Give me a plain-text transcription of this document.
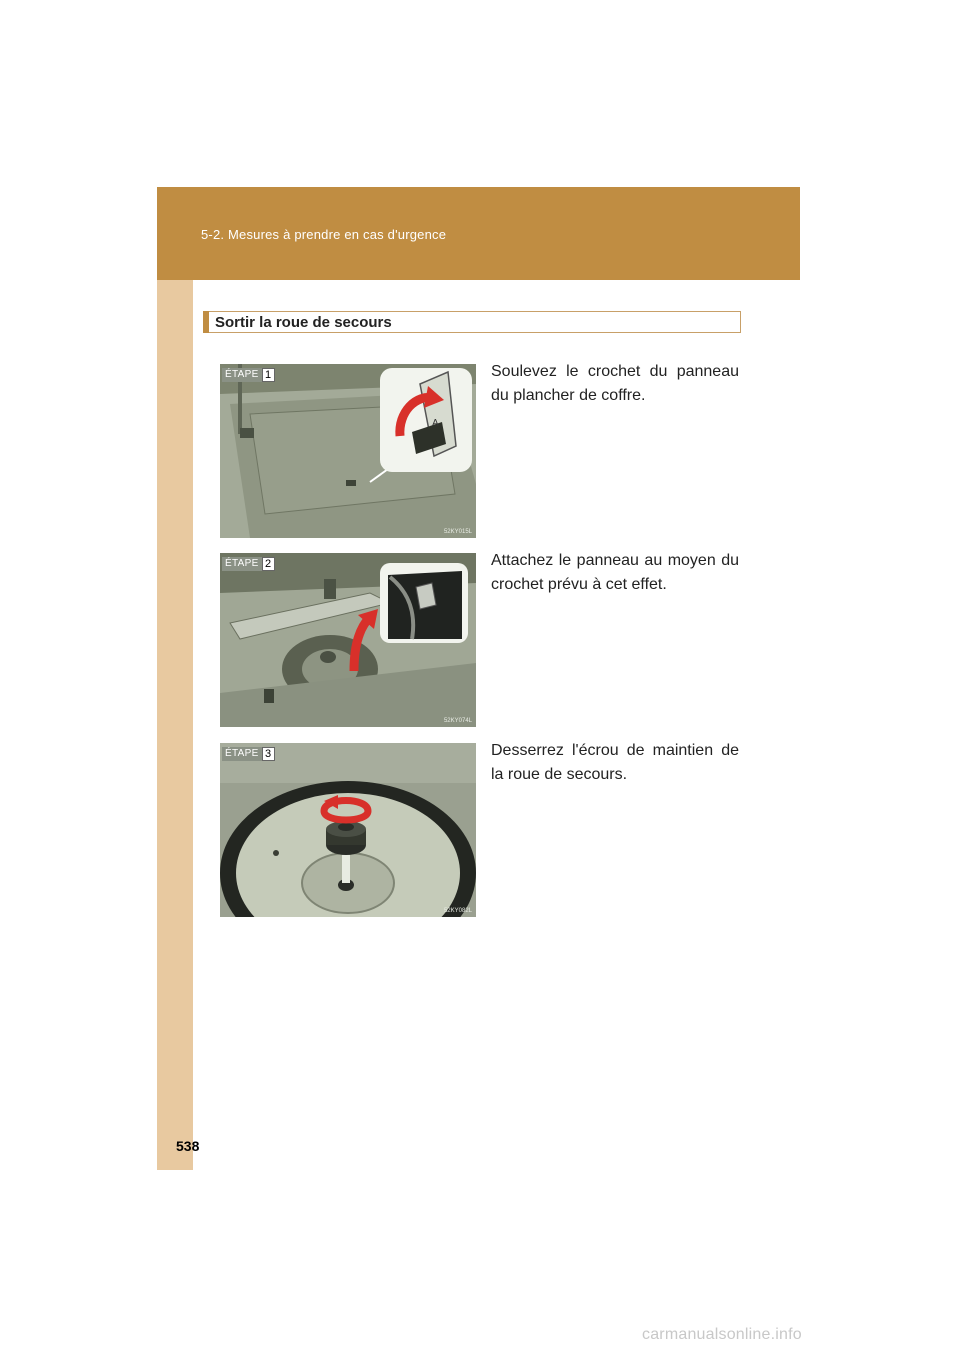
5-2. Mesures à prendre en cas d'urgence
Sortir la roue de secours
A
ÉTAPE 1
52KY015L
Soulevez le crochet du panneau du plancher de coffre.
ÉTAPE 2
52KY074L
Attachez le panneau au moyen du crochet prévu à cet effet.
ÉTAPE 3
52KY082L
Desserrez l'écrou de maintien de la roue de secours.
538
carmanualsonline.info
